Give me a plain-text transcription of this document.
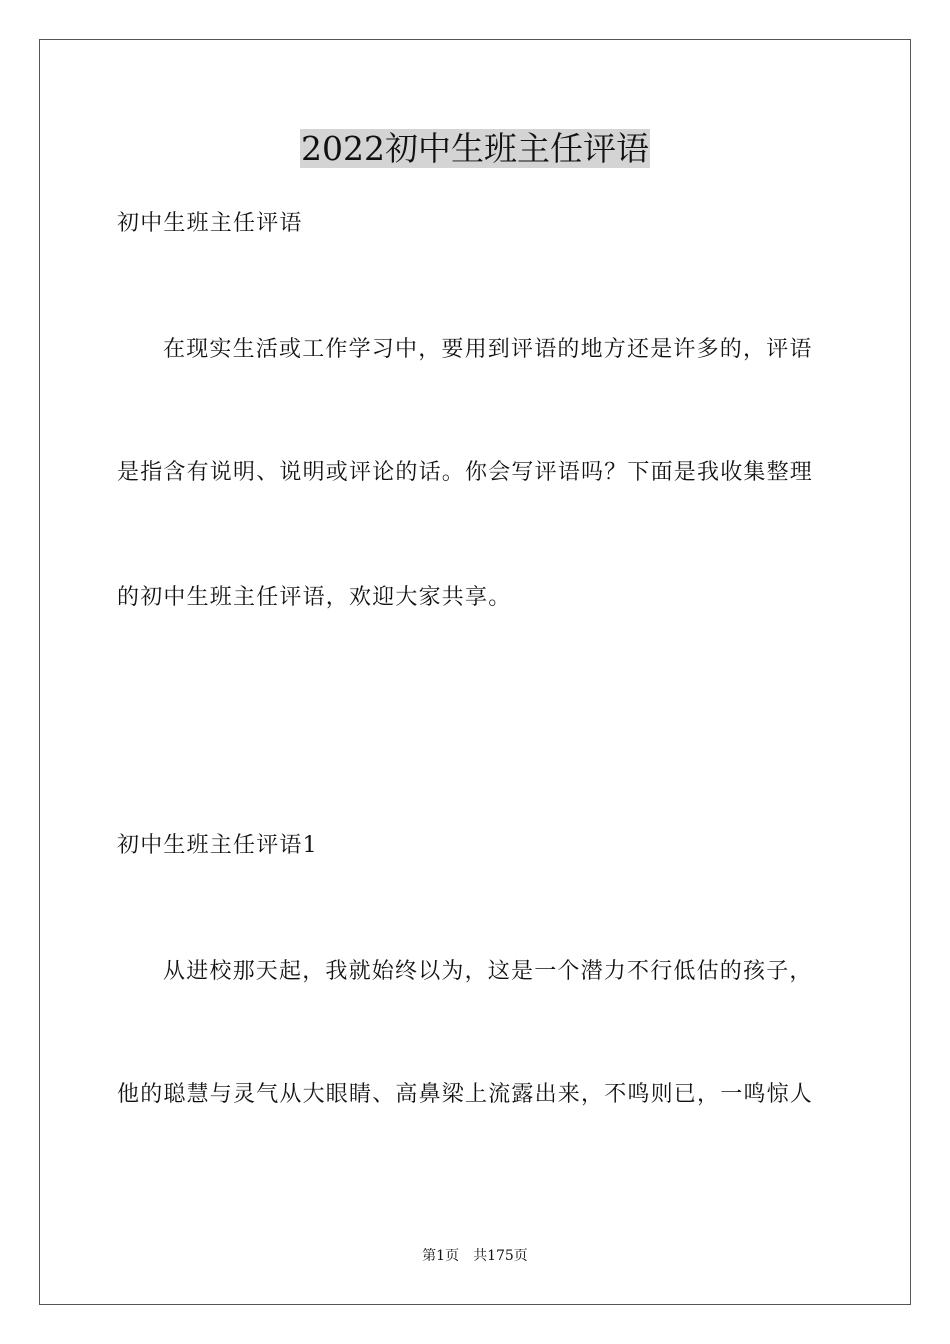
2022初中生班主任评语
初中生班主任评语
在现实生活或工作学习中，要用到评语的地方还是许多的，评语
是指含有说明、说明或评论的话。你会写评语吗？下面是我收集整理
的初中生班主任评语，欢迎大家共享。
初中生班主任评语1
从进校那天起，我就始终以为，这是一个潜力不行低估的孩子，
他的聪慧与灵气从大眼睛、高鼻梁上流露出来，不鸣则已，一鸣惊人
第1页　共175页
